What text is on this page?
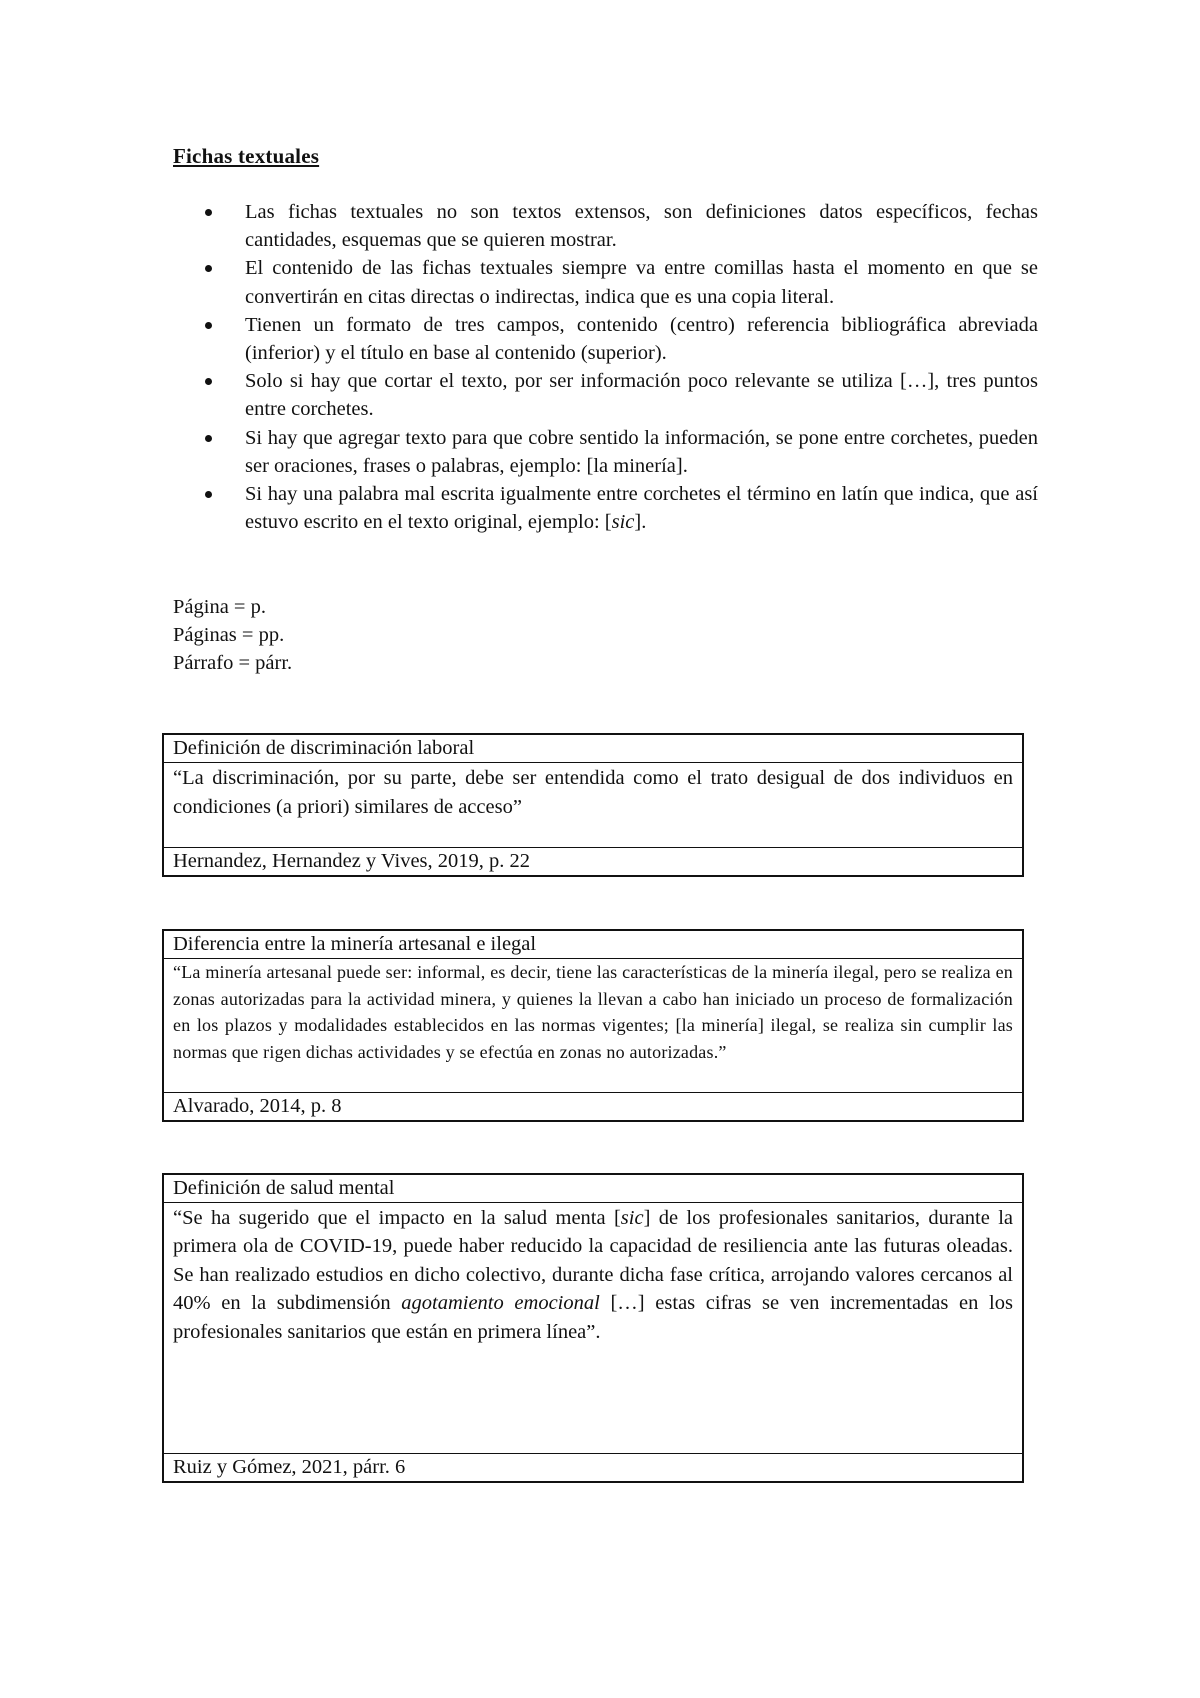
Fichas textuales
Las fichas textuales no son textos extensos, son definiciones datos específicos, fechas cantidades, esquemas que se quieren mostrar.
El contenido de las fichas textuales siempre va entre comillas hasta el momento en que se convertirán en citas directas o indirectas, indica que es una copia literal.
Tienen un formato de tres campos, contenido (centro) referencia bibliográfica abreviada (inferior) y el título en base al contenido (superior).
Solo si hay que cortar el texto, por ser información poco relevante se utiliza […], tres puntos entre corchetes.
Si hay que agregar texto para que cobre sentido la información, se pone entre corchetes, pueden ser oraciones, frases o palabras, ejemplo: [la minería].
Si hay una palabra mal escrita igualmente entre corchetes el término en latín que indica, que así estuvo escrito en el texto original, ejemplo: [sic].
Página = p.
Páginas = pp.
Párrafo = párr.
Definición de discriminación laboral
“La discriminación, por su parte, debe ser entendida como el trato desigual de dos individuos en condiciones (a priori) similares de acceso”
Hernandez, Hernandez y Vives, 2019, p. 22
Diferencia entre la minería artesanal e ilegal
“La minería artesanal puede ser: informal, es decir, tiene las características de la minería ilegal, pero se realiza en zonas autorizadas para la actividad minera, y quienes la llevan a cabo han iniciado un proceso de formalización en los plazos y modalidades establecidos en las normas vigentes; [la minería] ilegal, se realiza sin cumplir las normas que rigen dichas actividades y se efectúa en zonas no autorizadas.”
Alvarado, 2014, p. 8
Definición de salud mental
“Se ha sugerido que el impacto en la salud menta [sic] de los profesionales sanitarios, durante la primera ola de COVID-19, puede haber reducido la capacidad de resiliencia ante las futuras oleadas. Se han realizado estudios en dicho colectivo, durante dicha fase crítica, arrojando valores cercanos al 40% en la subdimensión agotamiento emocional […] estas cifras se ven incrementadas en los profesionales sanitarios que están en primera línea”.
Ruiz y Gómez, 2021, párr. 6
